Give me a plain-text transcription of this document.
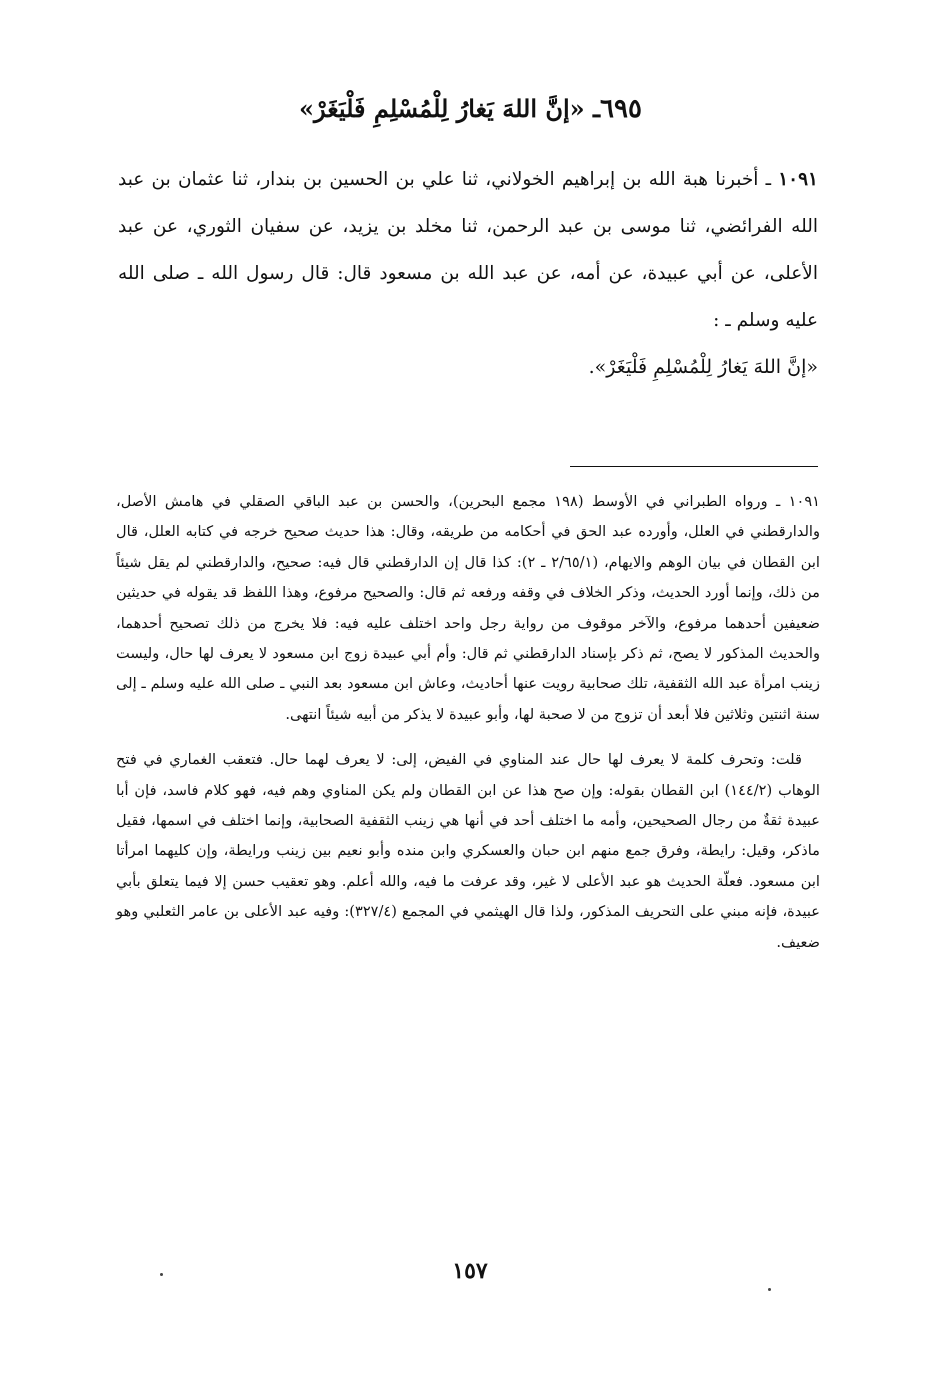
٦٩٥ـ «إنَّ اللهَ يَغارُ لِلْمُسْلِمِ فَلْيَغَرْ»
١٠٩١ ـ أخبرنا هبة الله بن إبراهيم الخولاني، ثنا علي بن الحسين بن بندار، ثنا عثمان بن عبد الله الفرائضي، ثنا موسى بن عبد الرحمن، ثنا مخلد بن يزيد، عن سفيان الثوري، عن عبد الأعلى، عن أبي عبيدة، عن أمه، عن عبد الله بن مسعود قال: قال رسول الله ـ صلى الله عليه وسلم ـ :
«إنَّ اللهَ يَغارُ لِلْمُسْلِمِ فَلْيَغَرْ».

١٠٩١ ـ ورواه الطبراني في الأوسط (١٩٨ مجمع البحرين)، والحسن بن عبد الباقي الصقلي في هامش الأصل، والدارقطني في العلل، وأورده عبد الحق في أحكامه من طريقه، وقال: هذا حديث صحيح خرجه في كتابه العلل، قال ابن القطان في بيان الوهم والايهام، (٢/٦٥/١ ـ ٢): كذا قال إن الدارقطني قال فيه: صحيح، والدارقطني لم يقل شيئاً من ذلك، وإنما أورد الحديث، وذكر الخلاف في وقفه ورفعه ثم قال: والصحيح مرفوع، وهذا اللفظ قد يقوله في حديثين ضعيفين أحدهما مرفوع، والآخر موقوف من رواية رجل واحد اختلف عليه فيه: فلا يخرج من ذلك تصحيح أحدهما، والحديث المذكور لا يصح، ثم ذكر بإسناد الدارقطني ثم قال: وأم أبي عبيدة زوج ابن مسعود لا يعرف لها حال، وليست زينب امرأة عبد الله الثقفية، تلك صحابية رويت عنها أحاديث، وعاش ابن مسعود بعد النبي ـ صلى الله عليه وسلم ـ إلى سنة اثنتين وثلاثين فلا أبعد أن تزوج من لا صحبة لها، وأبو عبيدة لا يذكر من أبيه شيئاً انتهى.

قلت: وتحرف كلمة لا يعرف لها حال عند المناوي في الفيض، إلى: لا يعرف لهما حال. فتعقب الغماري في فتح الوهاب (١٤٤/٢) ابن القطان بقوله: وإن صح هذا عن ابن القطان ولم يكن المناوي وهم فيه، فهو كلام فاسد، فإن أبا عبيدة ثقةٌ من رجال الصحيحين، وأمه ما اختلف أحد في أنها هي زينب الثقفية الصحابية، وإنما اختلف في اسمها، فقيل ماذكر، وقيل: رايطة، وفرق جمع منهم ابن حبان والعسكري وابن منده وأبو نعيم بين زينب ورايطة، وإن كليهما امرأتا ابن مسعود. فعلّة الحديث هو عبد الأعلى لا غير، وقد عرفت ما فيه، والله أعلم. وهو تعقيب حسن إلا فيما يتعلق بأبي عبيدة، فإنه مبني على التحريف المذكور، ولذا قال الهيثمي في المجمع (٣٢٧/٤): وفيه عبد الأعلى بن عامر الثعلبي وهو ضعيف.

١٥٧
